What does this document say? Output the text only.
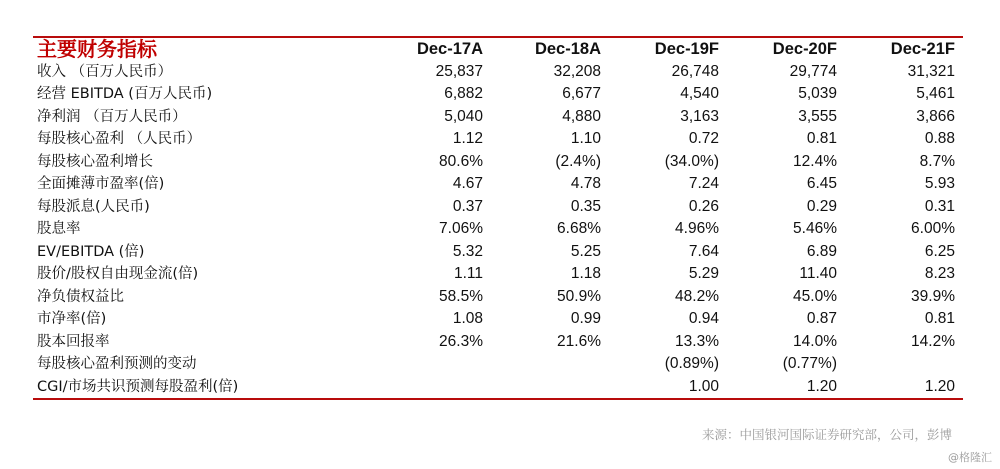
主要财务指标	Dec-17A	Dec-18A	Dec-19F	Dec-20F	Dec-21F
收入 （百万人民币）	25,837	32,208	26,748	29,774	31,321
经营 EBITDA (百万人民币)	6,882	6,677	4,540	5,039	5,461
净利润 （百万人民币）	5,040	4,880	3,163	3,555	3,866
每股核心盈利 （人民币）	1.12	1.10	0.72	0.81	0.88
每股核心盈利增长	80.6%	(2.4%)	(34.0%)	12.4%	8.7%
全面摊薄市盈率(倍)	4.67	4.78	7.24	6.45	5.93
每股派息(人民币)	0.37	0.35	0.26	0.29	0.31
股息率	7.06%	6.68%	4.96%	5.46%	6.00%
EV/EBITDA (倍)	5.32	5.25	7.64	6.89	6.25
股价/股权自由现金流(倍)	1.11	1.18	5.29	11.40	8.23
净负债权益比	58.5%	50.9%	48.2%	45.0%	39.9%
市净率(倍)	1.08	0.99	0.94	0.87	0.81
股本回报率	26.3%	21.6%	13.3%	14.0%	14.2%
每股核心盈利预测的变动			(0.89%)	(0.77%)	
CGI/市场共识预测每股盈利(倍)			1.00	1.20	1.20
来源：中国银河国际证券研究部，公司，彭博
@格隆汇
